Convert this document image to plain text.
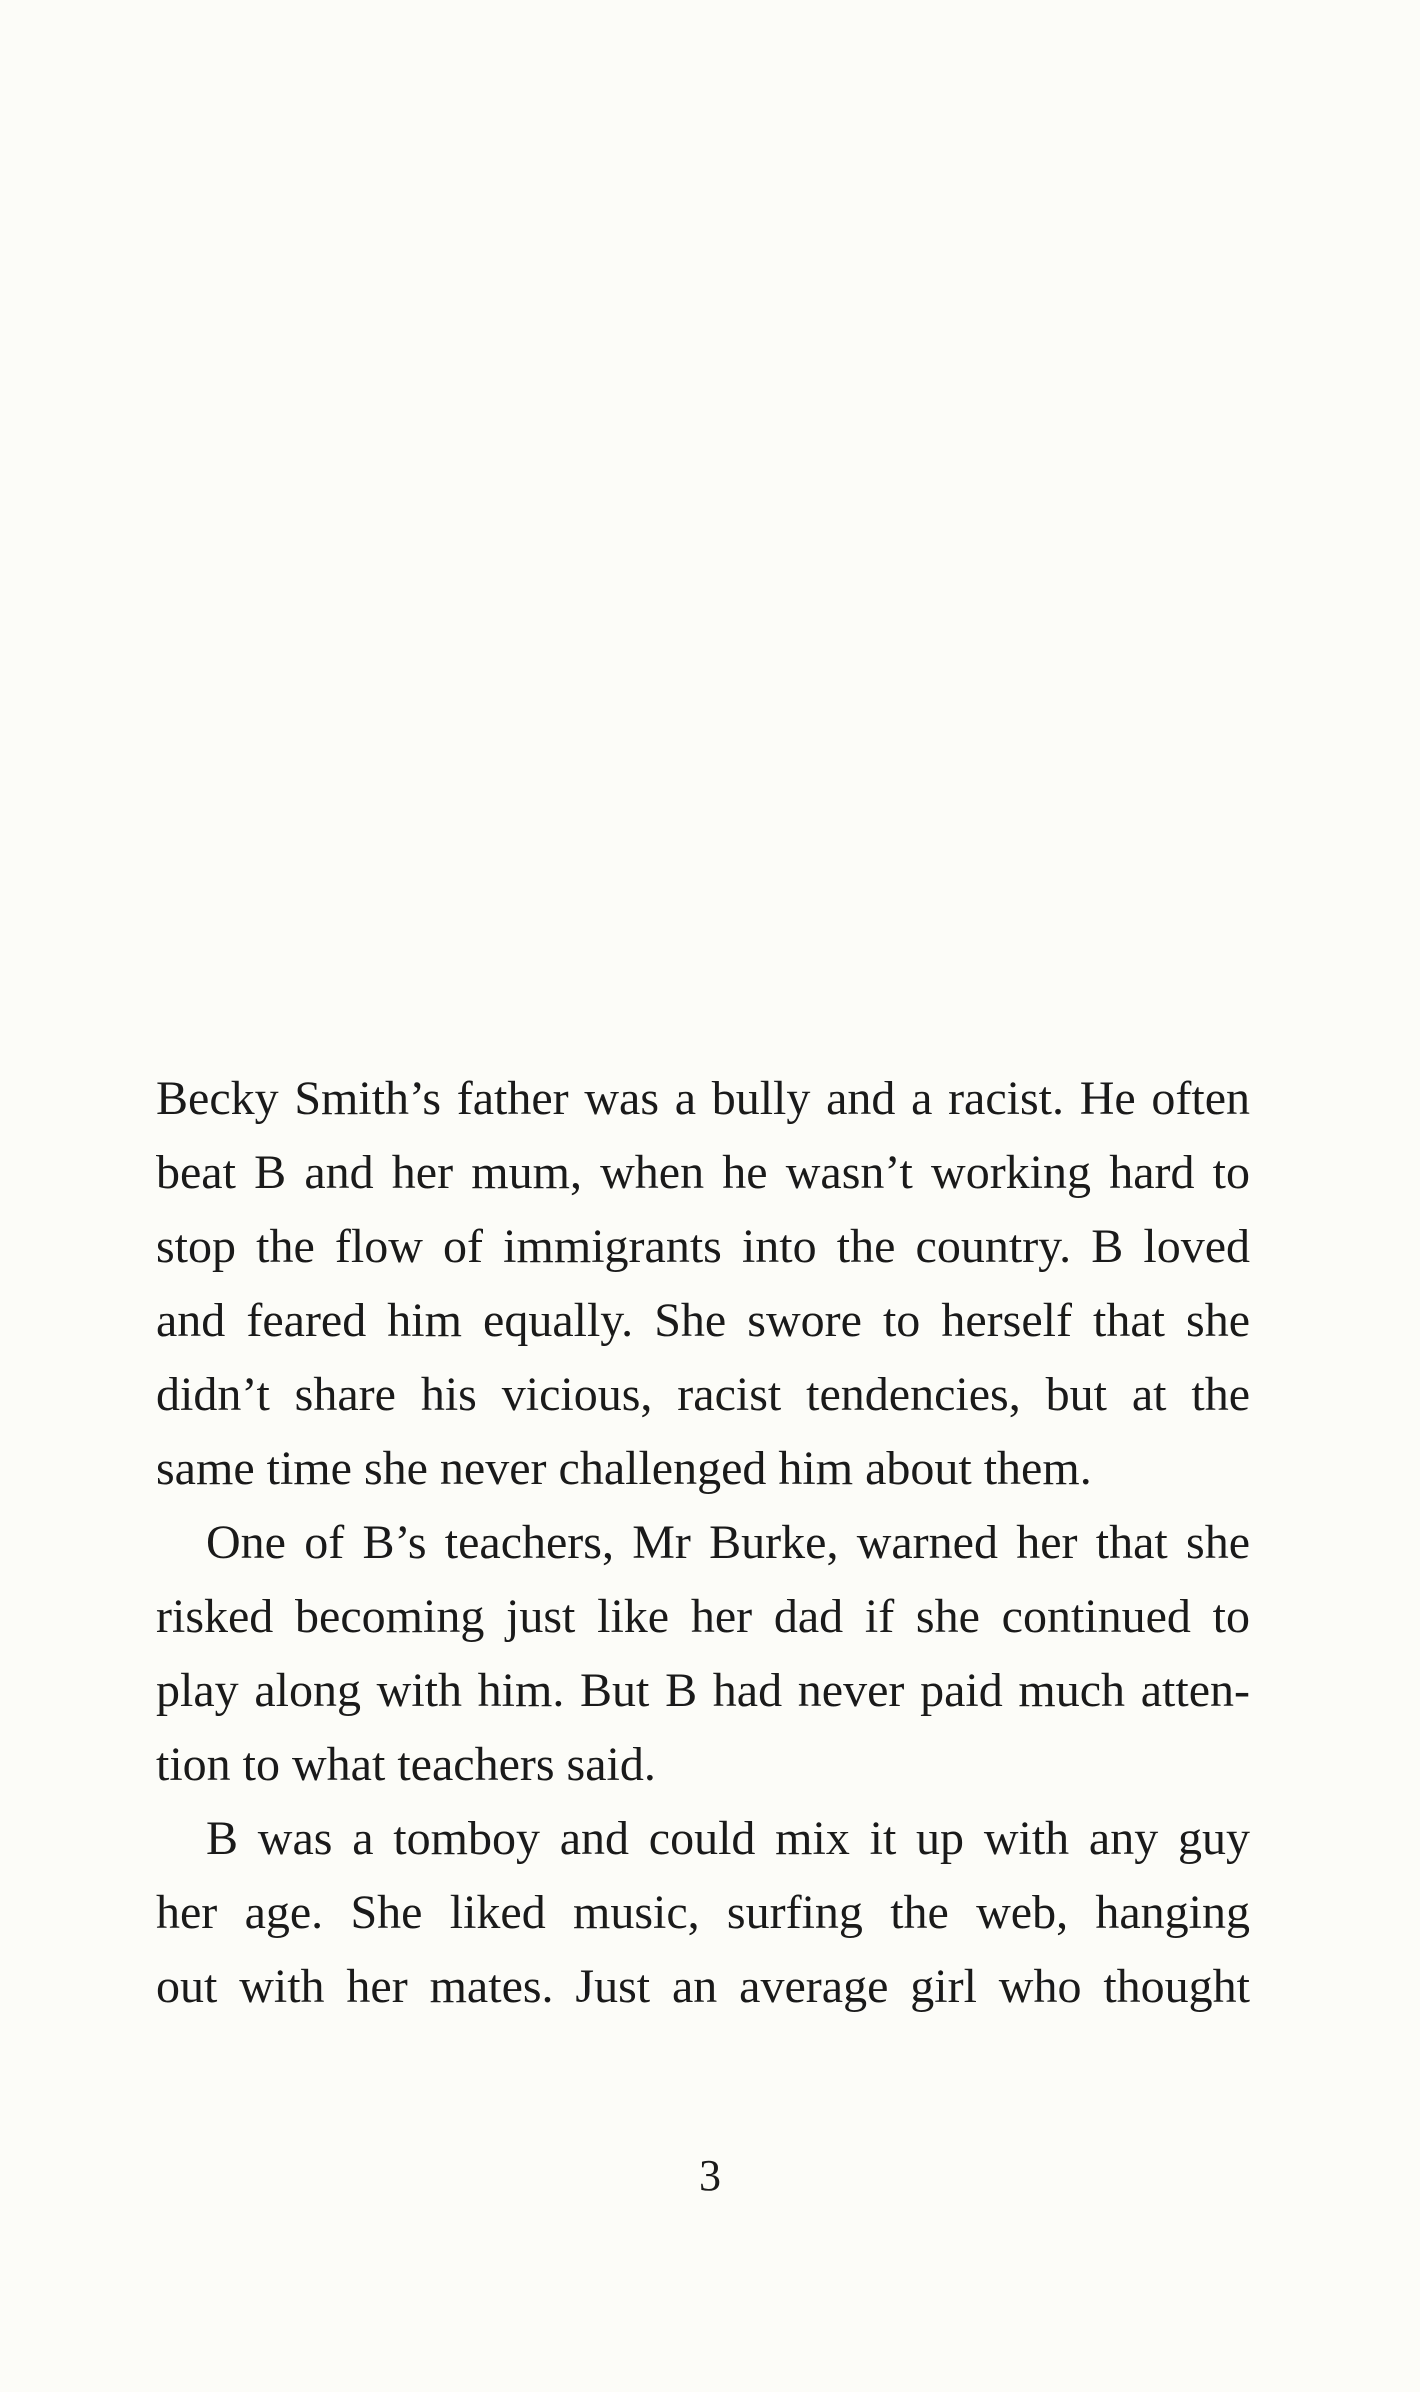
Becky Smith’s father was a bully and a racist. He often
beat B and her mum, when he wasn’t working hard to
stop the flow of immigrants into the country. B loved
and feared him equally. She swore to herself that she
didn’t share his vicious, racist tendencies, but at the
same time she never challenged him about them.
One of B’s teachers, Mr Burke, warned her that she
risked becoming just like her dad if she continued to
play along with him. But B had never paid much atten-
tion to what teachers said.
B was a tomboy and could mix it up with any guy
her age. She liked music, surfing the web, hanging
out with her mates. Just an average girl who thought
3
